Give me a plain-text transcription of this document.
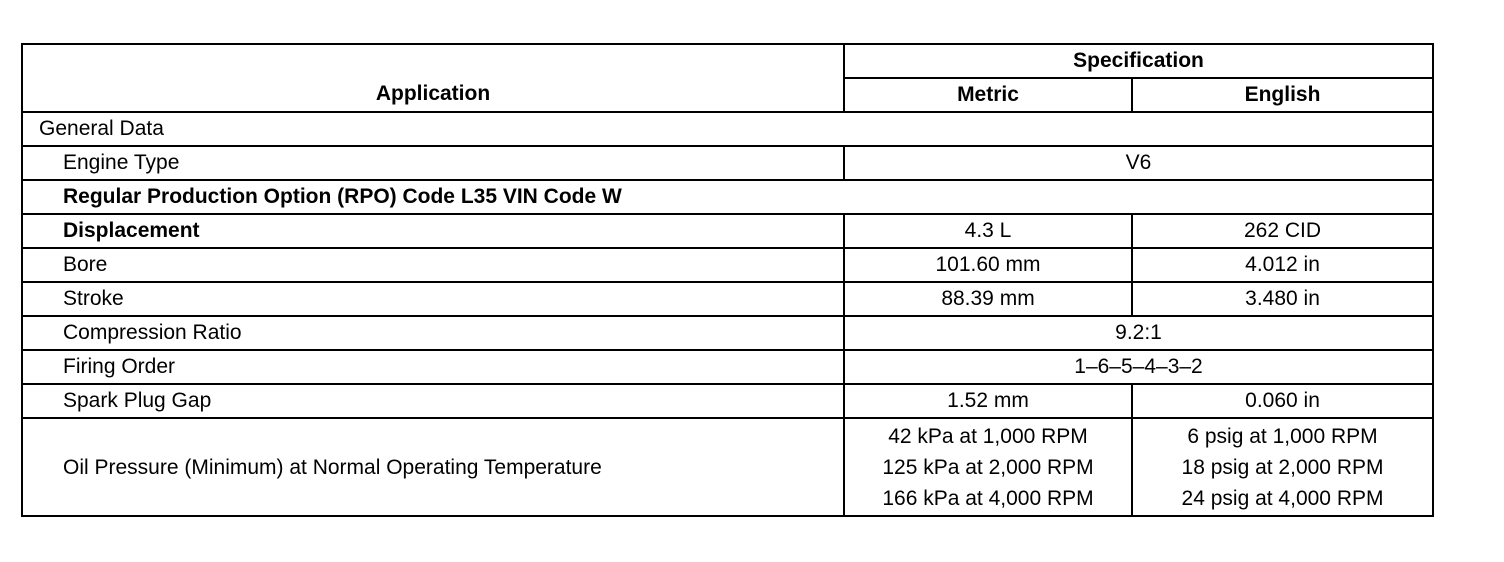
Application	Specification	
	Metric	English
General Data		
Engine Type	V6	
Regular Production Option (RPO) Code L35 VIN Code W		
Displacement	4.3 L	262 CID
Bore	101.60 mm	4.012 in
Stroke	88.39 mm	3.480 in
Compression Ratio	9.2:1	
Firing Order	1–6–5–4–3–2	
Spark Plug Gap	1.52 mm	0.060 in
Oil Pressure (Minimum) at Normal Operating Temperature	42 kPa at 1,000 RPM
125 kPa at 2,000 RPM
166 kPa at 4,000 RPM	6 psig at 1,000 RPM
18 psig at 2,000 RPM
24 psig at 4,000 RPM
